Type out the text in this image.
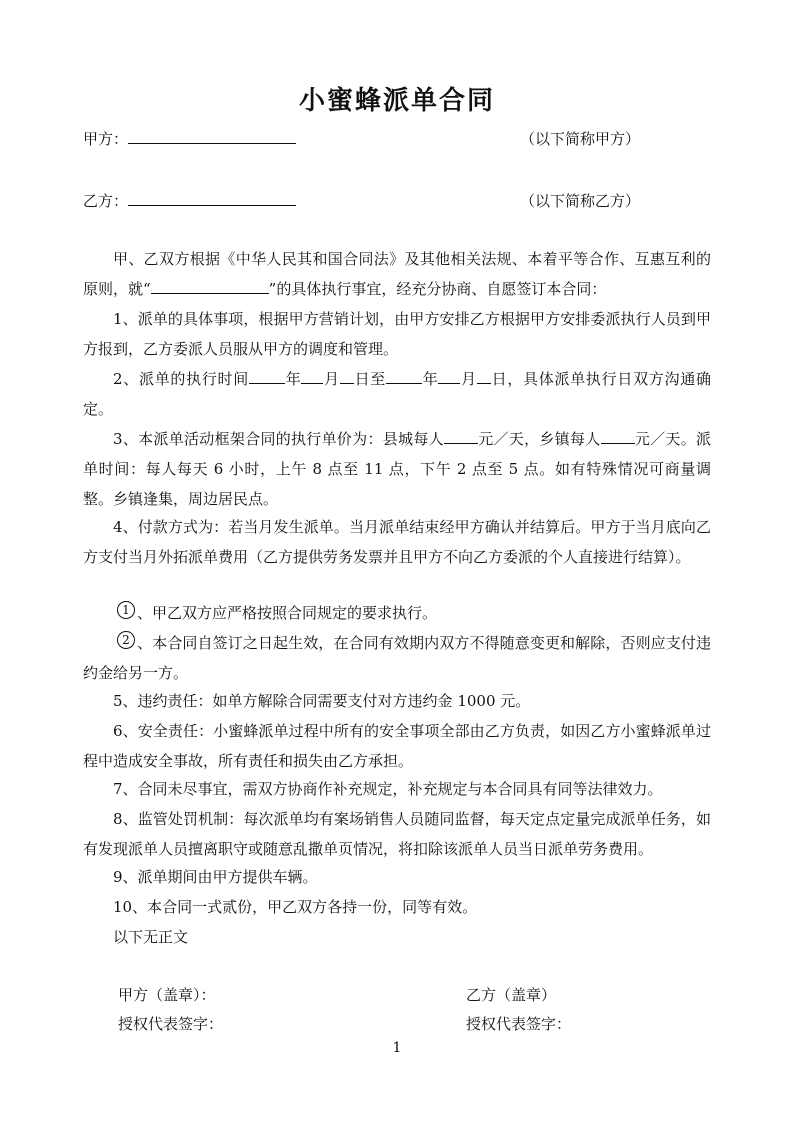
小蜜蜂派单合同
甲方：	（以下简称甲方）
乙方：	（以下简称乙方）
甲、乙双方根据《中华人民其和国合同法》及其他相关法规、本着平等合作、互惠互利的原则，就“	”的具体执行事宜，经充分协商、自愿签订本合同：
1、派单的具体事项，根据甲方营销计划，由甲方安排乙方根据甲方安排委派执行人员到甲方报到，乙方委派人员服从甲方的调度和管理。
2、派单的执行时间 年 月 日至 年 月 日，具体派单执行日双方沟通确定。
3、本派单活动框架合同的执行单价为：县城每人 元／天，乡镇每人 元／天。派单时间：每人每天 6 小时，上午 8 点至 11 点，下午 2 点至 5 点。如有特殊情况可商量调整。乡镇逢集，周边居民点。
4、付款方式为：若当月发生派单。当月派单结束经甲方确认并结算后。甲方于当月底向乙方支付当月外拓派单费用（乙方提供劳务发票并且甲方不向乙方委派的个人直接进行结算）。
1 、甲乙双方应严格按照合同规定的要求执行。
2 、本合同自签订之日起生效，在合同有效期内双方不得随意变更和解除，否则应支付违约金给另一方。
5、违约责任：如单方解除合同需要支付对方违约金 1000 元。
6、安全责任：小蜜蜂派单过程中所有的安全事项全部由乙方负责，如因乙方小蜜蜂派单过程中造成安全事故，所有责任和损失由乙方承担。
7、合同未尽事宜，需双方协商作补充规定，补充规定与本合同具有同等法律效力。
8、监管处罚机制：每次派单均有案场销售人员随同监督，每天定点定量完成派单任务，如有发现派单人员擅离职守或随意乱撒单页情况，将扣除该派单人员当日派单劳务费用。
9、派单期间由甲方提供车辆。
10、本合同一式贰份，甲乙双方各持一份，同等有效。
以下无正文
甲方（盖章）：	乙方（盖章）
授权代表签字：	授权代表签字：
1
